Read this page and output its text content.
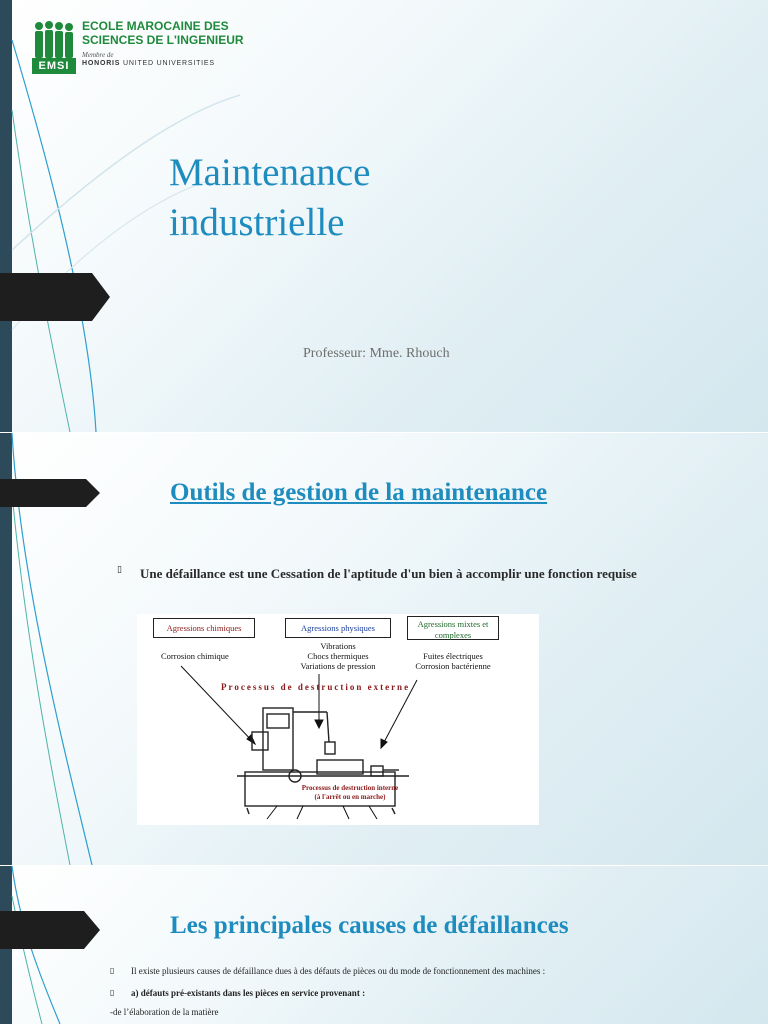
EMSI
ECOLE MAROCAINE DES
SCIENCES DE L'INGENIEUR
Membre de
HONORIS UNITED UNIVERSITIES
Maintenance
industrielle
Professeur: Mme. Rhouch
Outils de gestion de la maintenance
▯ Une défaillance est une Cessation de l'aptitude d'un bien à accomplir une fonction requise
Agressions chimiques	Agressions physiques	Agressions mixtes et complexes
Corrosion chimique
Vibrations
Chocs thermiques
Variations de pression
Fuites électriques
Corrosion bactérienne
Processus de destruction externe
Processus de destruction interne
(à l'arrêt ou en marche)
Les principales causes de défaillances
▯ Il existe plusieurs causes de défaillance dues à des défauts de pièces ou du mode de fonctionnement des machines :
▯ a) défauts pré-existants dans les pièces en service provenant :
-de l’élaboration de la matière
